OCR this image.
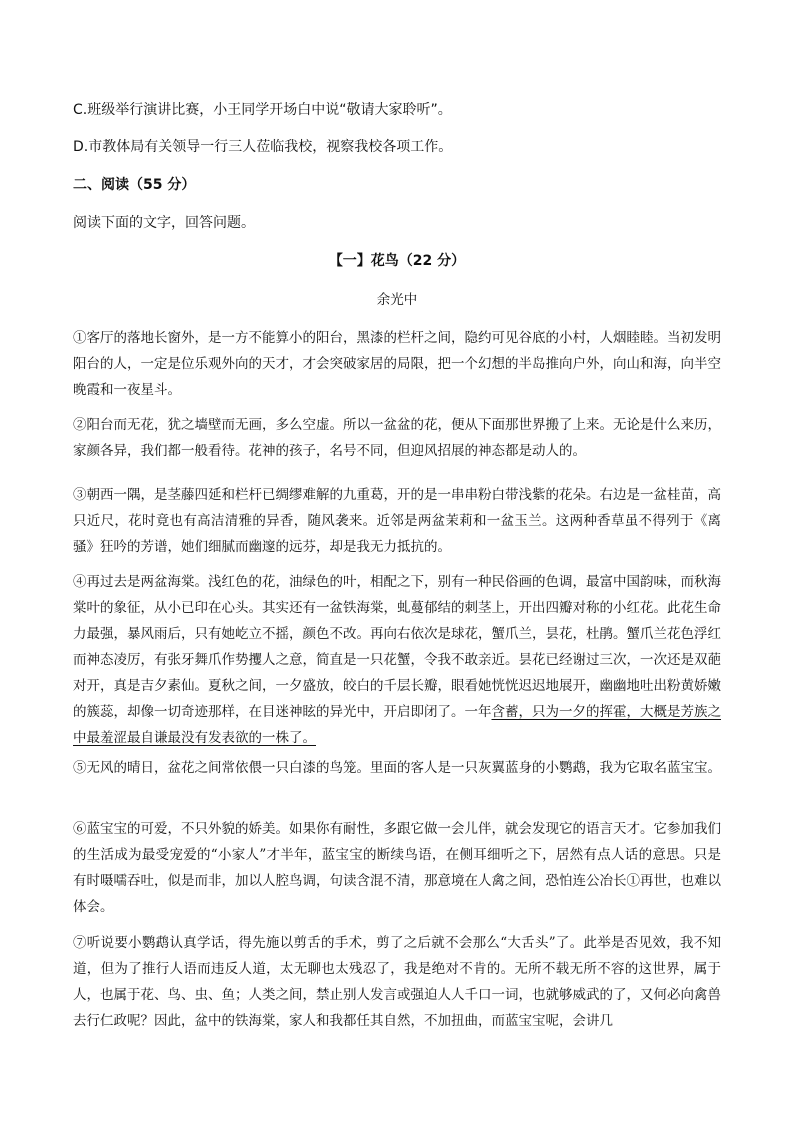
C.班级举行演讲比赛，小王同学开场白中说“敬请大家聆听”。
D.市教体局有关领导一行三人莅临我校，视察我校各项工作。
二、阅读（55 分）
阅读下面的文字，回答问题。
【一】花鸟（22 分）
余光中
①客厅的落地长窗外，是一方不能算小的阳台，黑漆的栏杆之间，隐约可见谷底的小村，人烟睦睦。当初发明阳台的人，一定是位乐观外向的天才，才会突破家居的局限，把一个幻想的半岛推向户外，向山和海，向半空晚霞和一夜星斗。
②阳台而无花，犹之墙壁而无画，多么空虚。所以一盆盆的花，便从下面那世界搬了上来。无论是什么来历，家颜各异，我们都一般看待。花神的孩子，名号不同，但迎风招展的神态都是动人的。
③朝西一隅，是茎藤四延和栏杆已绸缪难解的九重葛，开的是一串串粉白带浅紫的花朵。右边是一盆桂苗，高只近尺，花时竟也有高洁清雅的异香，随风袭来。近邻是两盆茉莉和一盆玉兰。这两种香草虽不得列于《离骚》狂吟的芳谱，她们细腻而幽邃的远芬，却是我无力抵抗的。
④再过去是两盆海棠。浅红色的花，油绿色的叶，相配之下，别有一种民俗画的色调，最富中国韵味，而秋海棠叶的象征，从小已印在心头。其实还有一盆铁海棠，虬蔓郁结的刺茎上，开出四瓣对称的小红花。此花生命力最强，暴风雨后，只有她屹立不摇，颜色不改。再向右依次是球花，蟹爪兰，昙花，杜鹃。蟹爪兰花色浮红而神态凌厉，有张牙舞爪作势攫人之意，简直是一只花蟹，令我不敢亲近。昙花已经谢过三次，一次还是双葩对开，真是吉夕素仙。夏秋之间，一夕盛放，皎白的千层长瓣，眼看她恍恍迟迟地展开，幽幽地吐出粉黄娇嫩的簇蕊，却像一切奇迹那样，在目迷神眩的异光中，开启即闭了。一年含蓄，只为一夕的挥霍，大概是芳族之中最羞涩最自谦最没有发表欲的一株了。
⑤无风的晴日，盆花之间常依偎一只白漆的鸟笼。里面的客人是一只灰翼蓝身的小鹦鹉，我为它取名蓝宝宝。
⑥蓝宝宝的可爱，不只外貌的娇美。如果你有耐性，多跟它做一会儿伴，就会发现它的语言天才。它参加我们的生活成为最受宠爱的“小家人”才半年，蓝宝宝的断续鸟语，在侧耳细听之下，居然有点人话的意思。只是有时嗫嚅吞吐，似是而非，加以人腔鸟调，句读含混不清，那意境在人禽之间，恐怕连公冶长①再世，也难以体会。
⑦听说要小鹦鹉认真学话，得先施以剪舌的手术，剪了之后就不会那么“大舌头”了。此举是否见效，我不知道，但为了推行人语而违反人道，太无聊也太残忍了，我是绝对不肯的。无所不载无所不容的这世界，属于人，也属于花、鸟、虫、鱼；人类之间，禁止别人发言或强迫人人千口一词，也就够威武的了，又何必向禽兽去行仁政呢？因此，盆中的铁海棠，家人和我都任其自然，不加扭曲，而蓝宝宝呢，会讲几
